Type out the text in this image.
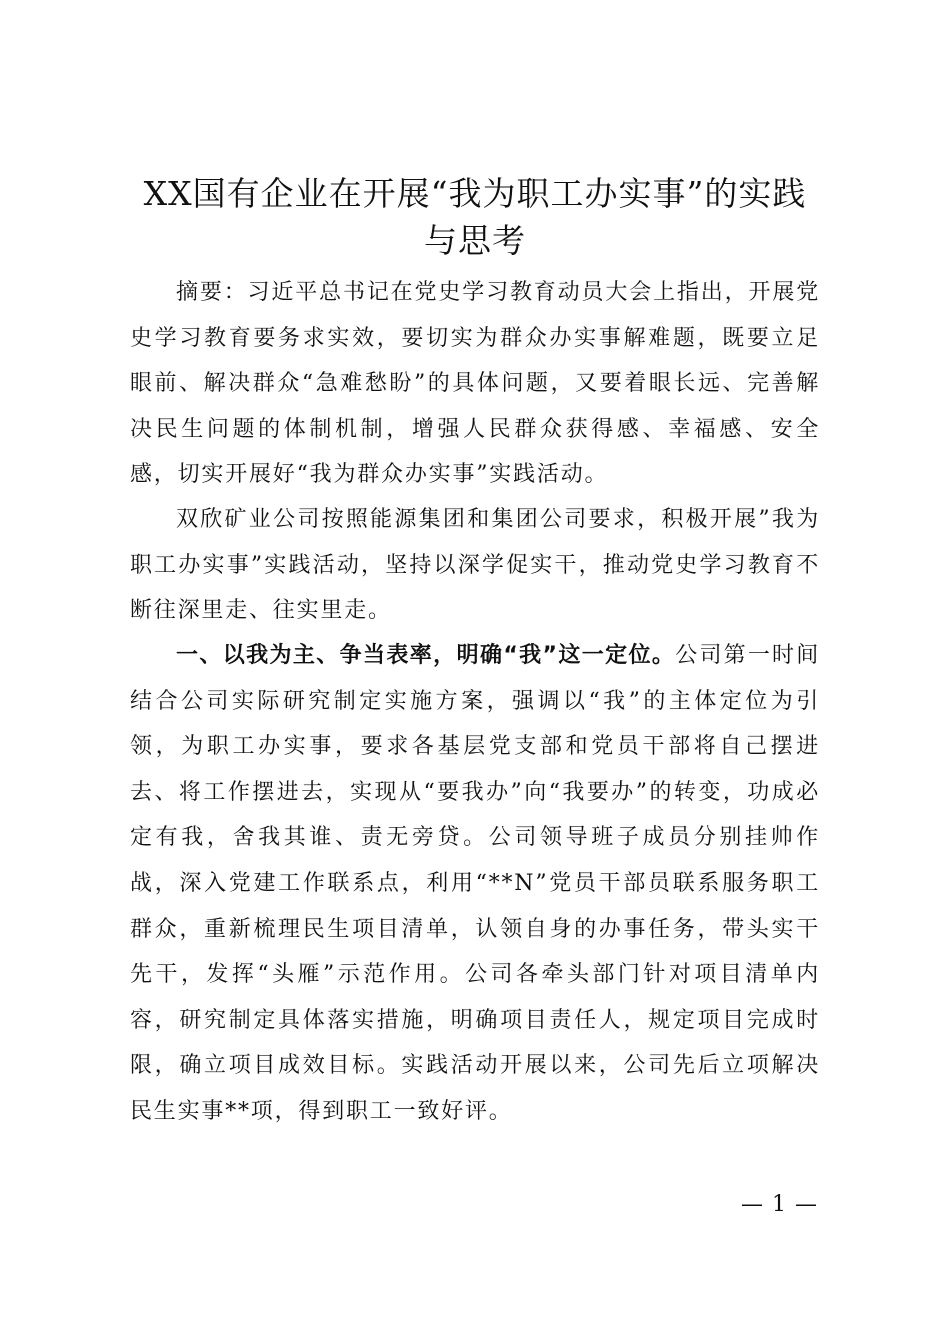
XX国有企业在开展“我为职工办实事”的实践与思考

摘要：习近平总书记在党史学习教育动员大会上指出，开展党史学习教育要务求实效，要切实为群众办实事解难题，既要立足眼前、解决群众“急难愁盼”的具体问题，又要着眼长远、完善解决民生问题的体制机制，增强人民群众获得感、幸福感、安全感，切实开展好“我为群众办实事”实践活动。

双欣矿业公司按照能源集团和集团公司要求，积极开展”我为职工办实事”实践活动，坚持以深学促实干，推动党史学习教育不断往深里走、往实里走。

一、以我为主、争当表率，明确“我”这一定位。公司第一时间结合公司实际研究制定实施方案，强调以“我”的主体定位为引领，为职工办实事，要求各基层党支部和党员干部将自己摆进去、将工作摆进去，实现从“要我办”向“我要办”的转变，功成必定有我，舍我其谁、责无旁贷。公司领导班子成员分别挂帅作战，深入党建工作联系点，利用“**N”党员干部员联系服务职工群众，重新梳理民生项目清单，认领自身的办事任务，带头实干先干，发挥“头雁”示范作用。公司各牵头部门针对项目清单内容，研究制定具体落实措施，明确项目责任人，规定项目完成时限，确立项目成效目标。实践活动开展以来，公司先后立项解决民生实事**项，得到职工一致好评。

— 1 —
